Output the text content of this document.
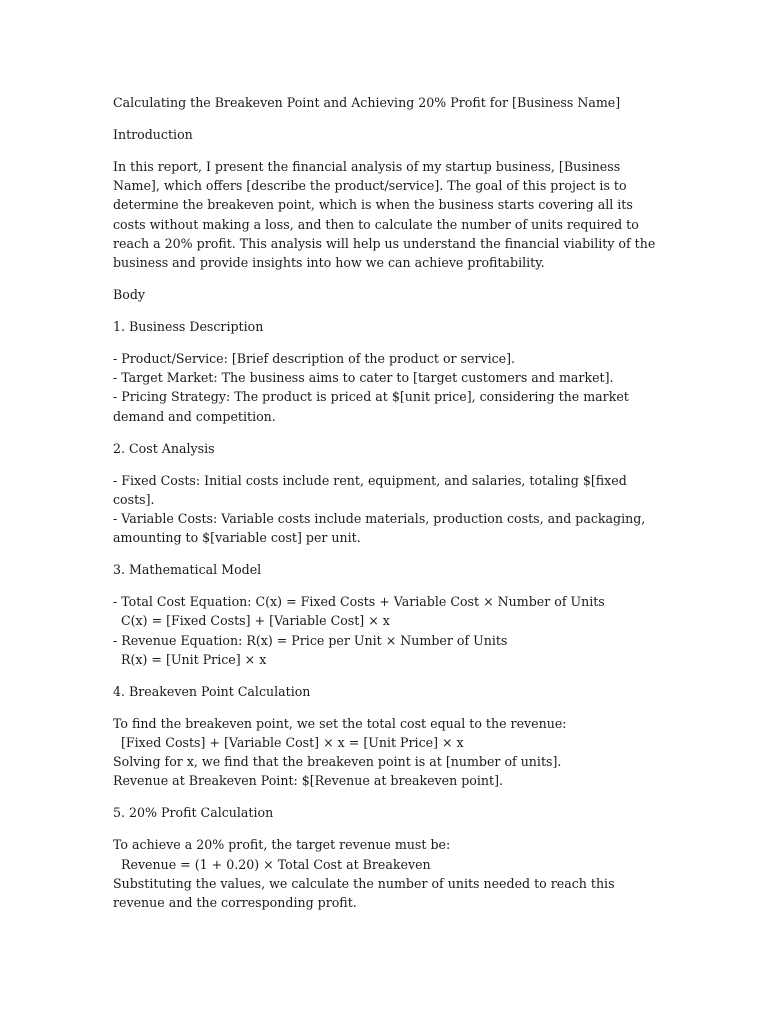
Calculating the Breakeven Point and Achieving 20% Profit for [Business Name]

Introduction

In this report, I present the financial analysis of my startup business, [Business Name], which offers [describe the product/service]. The goal of this project is to determine the breakeven point, which is when the business starts covering all its costs without making a loss, and then to calculate the number of units required to reach a 20% profit. This analysis will help us understand the financial viability of the business and provide insights into how we can achieve profitability.

Body

1. Business Description

- Product/Service: [Brief description of the product or service].
- Target Market: The business aims to cater to [target customers and market].
- Pricing Strategy: The product is priced at $[unit price], considering the market demand and competition.

2. Cost Analysis

- Fixed Costs: Initial costs include rent, equipment, and salaries, totaling $[fixed costs].
- Variable Costs: Variable costs include materials, production costs, and packaging, amounting to $[variable cost] per unit.

3. Mathematical Model

- Total Cost Equation: C(x) = Fixed Costs + Variable Cost × Number of Units
C(x) = [Fixed Costs] + [Variable Cost] × x
- Revenue Equation: R(x) = Price per Unit × Number of Units
R(x) = [Unit Price] × x

4. Breakeven Point Calculation

To find the breakeven point, we set the total cost equal to the revenue:
[Fixed Costs] + [Variable Cost] × x = [Unit Price] × x
Solving for x, we find that the breakeven point is at [number of units].
Revenue at Breakeven Point: $[Revenue at breakeven point].

5. 20% Profit Calculation

To achieve a 20% profit, the target revenue must be:
Revenue = (1 + 0.20) × Total Cost at Breakeven
Substituting the values, we calculate the number of units needed to reach this revenue and the corresponding profit.
